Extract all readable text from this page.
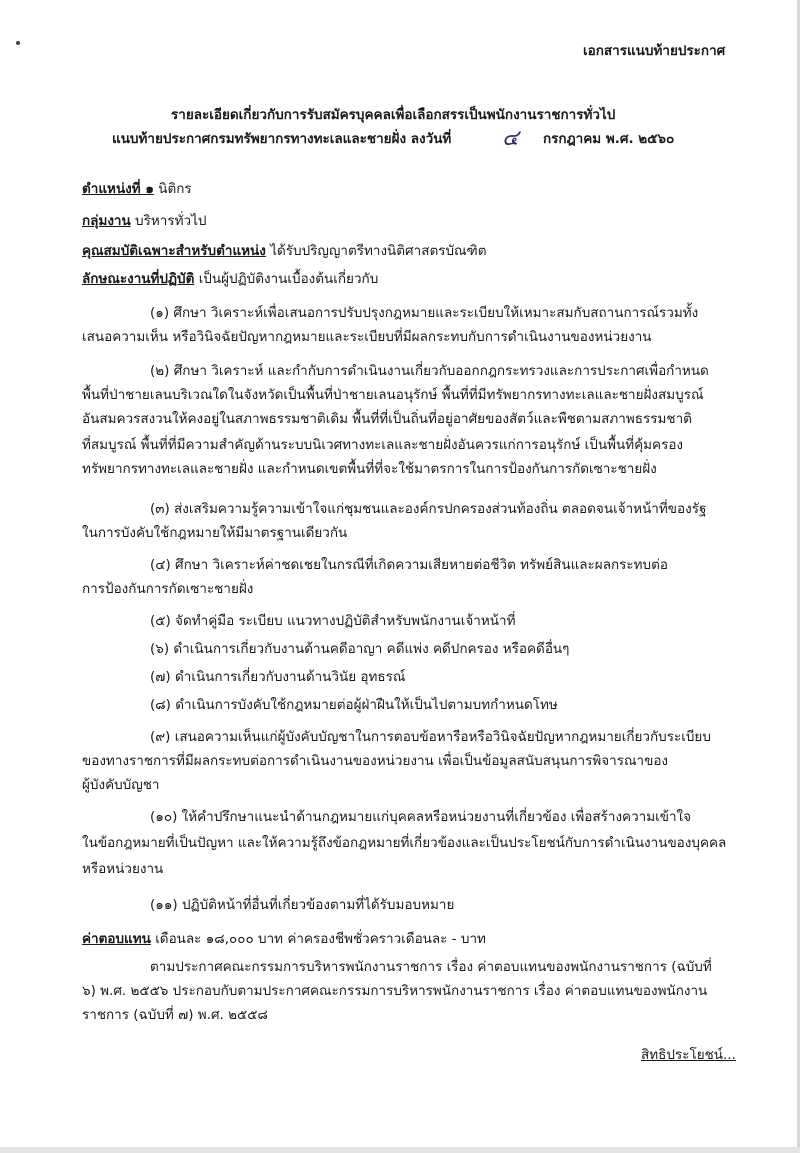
เอกสารแนบท้ายประกาศ
รายละเอียดเกี่ยวกับการรับสมัครบุคคลเพื่อเลือกสรรเป็นพนักงานราชการทั่วไป
แนบท้ายประกาศกรมทรัพยากรทางทะเลและชายฝั่ง ลงวันที่ ๔ กรกฎาคม พ.ศ. ๒๕๖๐
ตำแหน่งที่ ๑ นิติกร
กลุ่มงาน บริหารทั่วไป
คุณสมบัติเฉพาะสำหรับตำแหน่ง ได้รับปริญญาตรีทางนิติศาสตรบัณฑิต
ลักษณะงานที่ปฏิบัติ เป็นผู้ปฏิบัติงานเบื้องต้นเกี่ยวกับ
(๑) ศึกษา วิเคราะห์เพื่อเสนอการปรับปรุงกฎหมายและระเบียบให้เหมาะสมกับสถานการณ์รวมทั้ง
เสนอความเห็น หรือวินิจฉัยปัญหากฎหมายและระเบียบที่มีผลกระทบกับการดำเนินงานของหน่วยงาน
(๒) ศึกษา วิเคราะห์ และกำกับการดำเนินงานเกี่ยวกับออกกฎกระทรวงและการประกาศเพื่อกำหนด
พื้นที่ป่าชายเลนบริเวณใดในจังหวัดเป็นพื้นที่ป่าชายเลนอนุรักษ์ พื้นที่ที่มีทรัพยากรทางทะเลและชายฝั่งสมบูรณ์
อันสมควรสงวนให้คงอยู่ในสภาพธรรมชาติเดิม พื้นที่ที่เป็นถิ่นที่อยู่อาศัยของสัตว์และพืชตามสภาพธรรมชาติ
ที่สมบูรณ์ พื้นที่ที่มีความสำคัญด้านระบบนิเวศทางทะเลและชายฝั่งอันควรแก่การอนุรักษ์ เป็นพื้นที่คุ้มครอง
ทรัพยากรทางทะเลและชายฝั่ง และกำหนดเขตพื้นที่ที่จะใช้มาตรการในการป้องกันการกัดเซาะชายฝั่ง
(๓) ส่งเสริมความรู้ความเข้าใจแก่ชุมชนและองค์กรปกครองส่วนท้องถิ่น ตลอดจนเจ้าหน้าที่ของรัฐ
ในการบังคับใช้กฎหมายให้มีมาตรฐานเดียวกัน
(๔) ศึกษา วิเคราะห์ค่าชดเชยในกรณีที่เกิดความเสียหายต่อชีวิต ทรัพย์สินและผลกระทบต่อ
การป้องกันการกัดเซาะชายฝั่ง
(๕) จัดทำคู่มือ ระเบียบ แนวทางปฏิบัติสำหรับพนักงานเจ้าหน้าที่
(๖) ดำเนินการเกี่ยวกับงานด้านคดีอาญา คดีแพ่ง คดีปกครอง หรือคดีอื่นๆ
(๗) ดำเนินการเกี่ยวกับงานด้านวินัย อุทธรณ์
(๘) ดำเนินการบังคับใช้กฎหมายต่อผู้ฝ่าฝืนให้เป็นไปตามบทกำหนดโทษ
(๙) เสนอความเห็นแก่ผู้บังคับบัญชาในการตอบข้อหารือหรือวินิจฉัยปัญหากฎหมายเกี่ยวกับระเบียบ
ของทางราชการที่มีผลกระทบต่อการดำเนินงานของหน่วยงาน เพื่อเป็นข้อมูลสนับสนุนการพิจารณาของ
ผู้บังคับบัญชา
(๑๐) ให้คำปรึกษาแนะนำด้านกฎหมายแก่บุคคลหรือหน่วยงานที่เกี่ยวข้อง เพื่อสร้างความเข้าใจ
ในข้อกฎหมายที่เป็นปัญหา และให้ความรู้ถึงข้อกฎหมายที่เกี่ยวข้องและเป็นประโยชน์กับการดำเนินงานของบุคคล
หรือหน่วยงาน
(๑๑) ปฏิบัติหน้าที่อื่นที่เกี่ยวข้องตามที่ได้รับมอบหมาย
ค่าตอบแทน เดือนละ ๑๘,๐๐๐ บาท ค่าครองชีพชั่วคราวเดือนละ - บาท
ตามประกาศคณะกรรมการบริหารพนักงานราชการ เรื่อง ค่าตอบแทนของพนักงานราชการ (ฉบับที่
๖) พ.ศ. ๒๕๕๖ ประกอบกับตามประกาศคณะกรรมการบริหารพนักงานราชการ เรื่อง ค่าตอบแทนของพนักงาน
ราชการ (ฉบับที่ ๗) พ.ศ. ๒๕๕๘
สิทธิประโยชน์...
